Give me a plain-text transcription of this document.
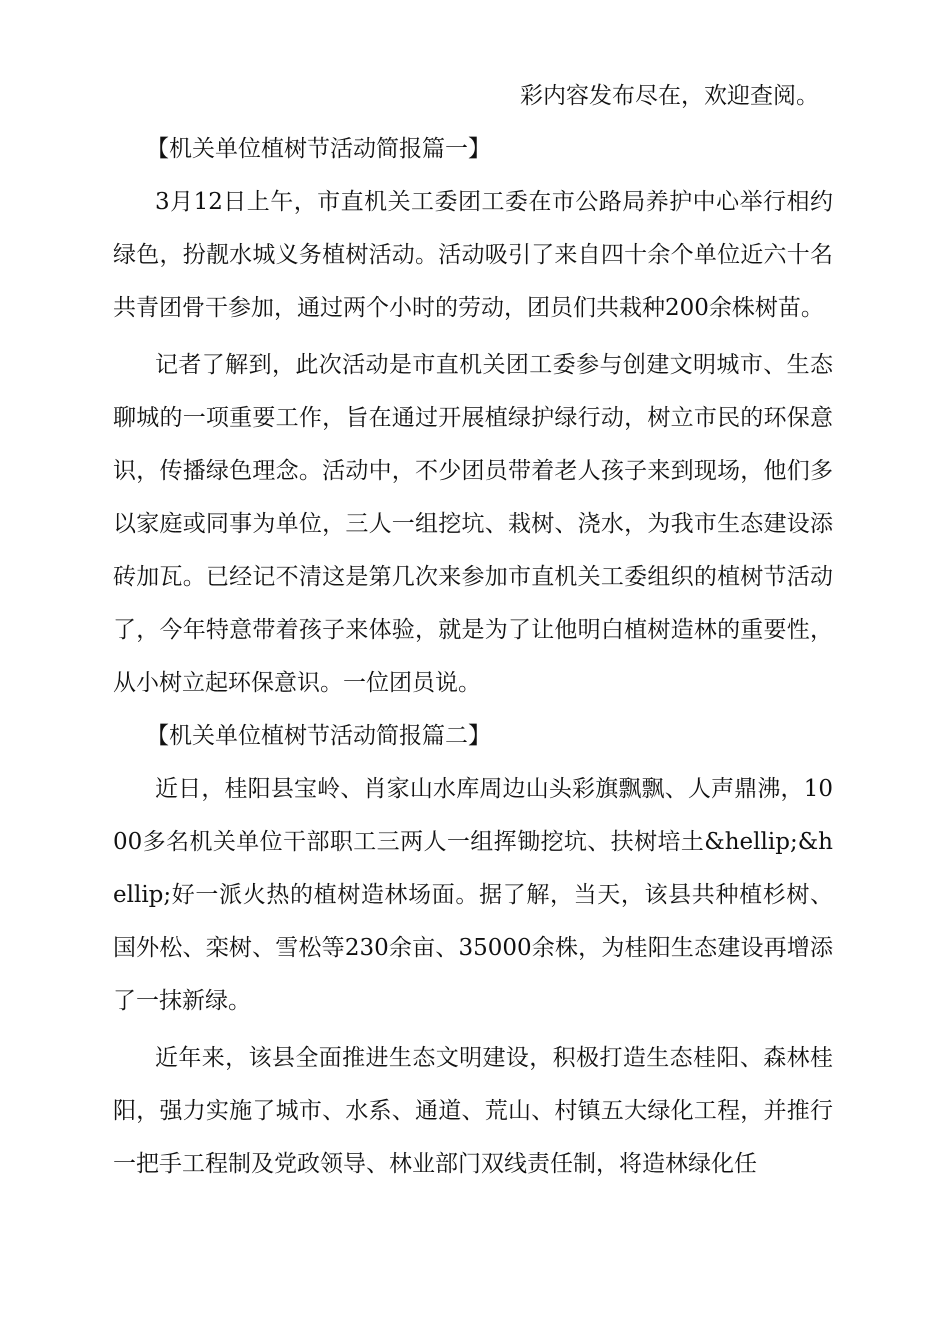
彩内容发布尽在，欢迎查阅。

【机关单位植树节活动简报篇一】

3月12日上午，市直机关工委团工委在市公路局养护中心举行相约绿色，扮靓水城义务植树活动。活动吸引了来自四十余个单位近六十名共青团骨干参加，通过两个小时的劳动，团员们共栽种200余株树苗。

记者了解到，此次活动是市直机关团工委参与创建文明城市、生态聊城的一项重要工作，旨在通过开展植绿护绿行动，树立市民的环保意识，传播绿色理念。活动中，不少团员带着老人孩子来到现场，他们多以家庭或同事为单位，三人一组挖坑、栽树、浇水，为我市生态建设添砖加瓦。已经记不清这是第几次来参加市直机关工委组织的植树节活动了，今年特意带着孩子来体验，就是为了让他明白植树造林的重要性，从小树立起环保意识。一位团员说。

【机关单位植树节活动简报篇二】

近日，桂阳县宝岭、肖家山水库周边山头彩旗飘飘、人声鼎沸，1000多名机关单位干部职工三两人一组挥锄挖坑、扶树培土&hellip;&hellip;好一派火热的植树造林场面。据了解，当天，该县共种植杉树、国外松、栾树、雪松等230余亩、35000余株，为桂阳生态建设再增添了一抹新绿。

近年来，该县全面推进生态文明建设，积极打造生态桂阳、森林桂阳，强力实施了城市、水系、通道、荒山、村镇五大绿化工程，并推行一把手工程制及党政领导、林业部门双线责任制，将造林绿化任
